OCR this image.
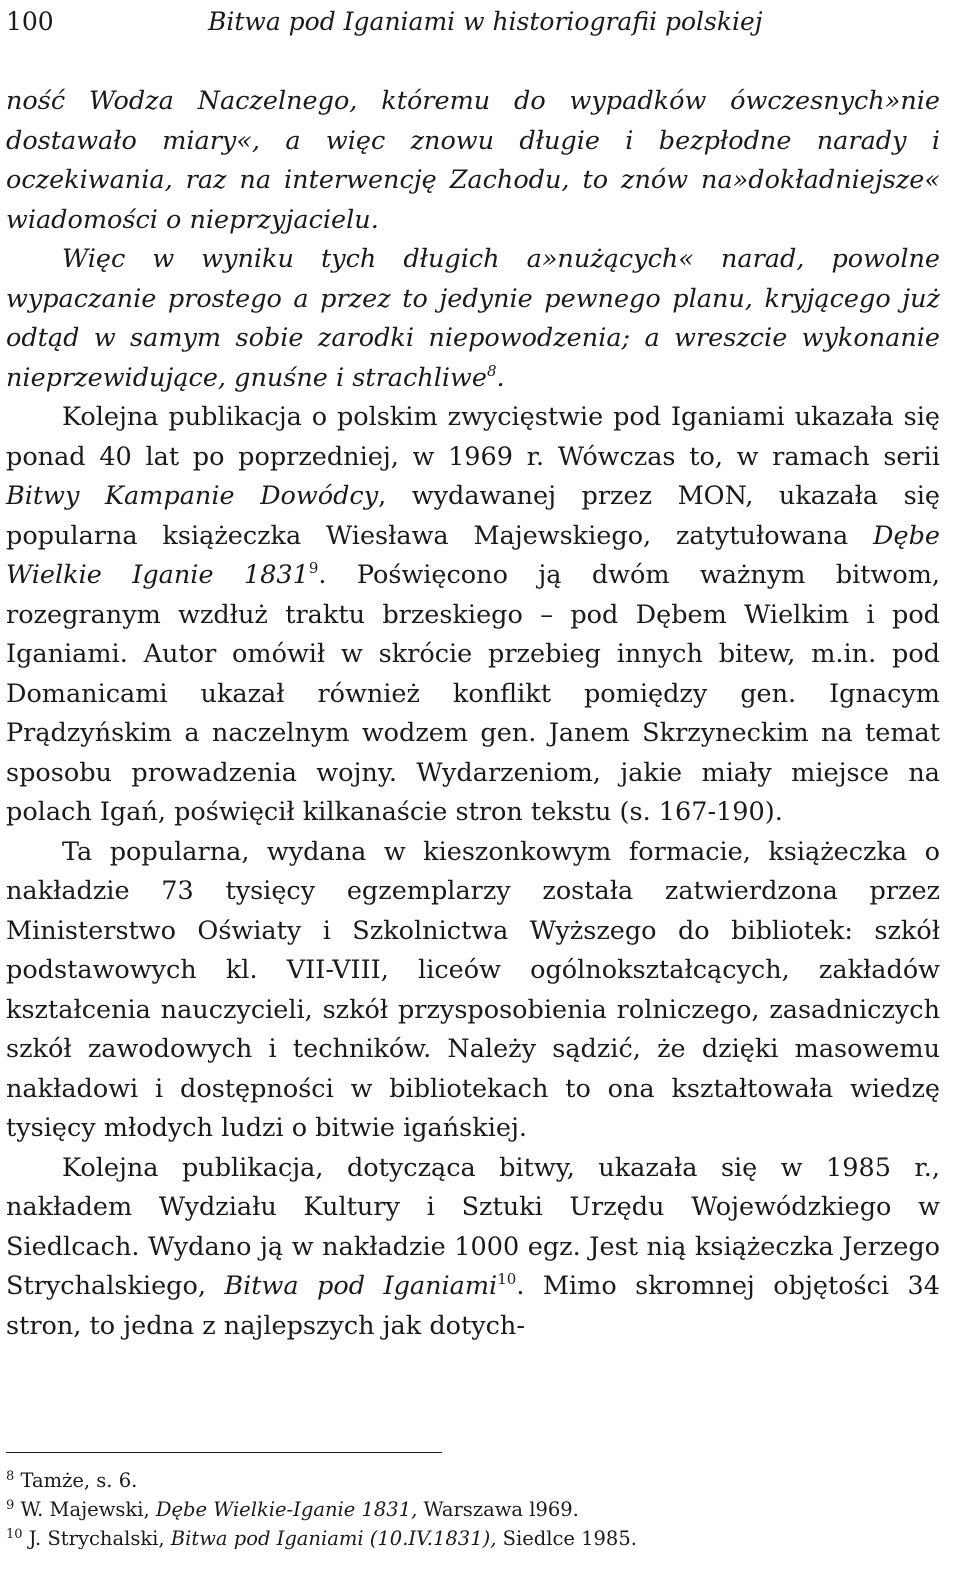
100	Bitwa pod Iganiami w historiografii polskiej

ność Wodza Naczelnego, któremu do wypadków ówczesnych»nie dostawało miary«, a więc znowu długie i bezpłodne narady i oczekiwania, raz na interwencję Zachodu, to znów na»dokładniejsze« wiadomości o nieprzyjacielu.

Więc w wyniku tych długich a»nużących« narad, powolne wypaczanie prostego a przez to jedynie pewnego planu, kryjącego już odtąd w samym sobie zarodki niepowodzenia; a wreszcie wykonanie nieprzewidujące, gnuśne i strachliwe$^8$.

Kolejna publikacja o polskim zwycięstwie pod Iganiami ukazała się ponad 40 lat po poprzedniej, w 1969 r. Wówczas to, w ramach serii Bitwy Kampanie Dowódcy, wydawanej przez MON, ukazała się popularna książeczka Wiesława Majewskiego, zatytułowana Dębe Wielkie Iganie 1831$^9$. Poświęcono ją dwóm ważnym bitwom, rozegranym wzdłuż traktu brzeskiego – pod Dębem Wielkim i pod Iganiami. Autor omówił w skrócie przebieg innych bitew, m.in. pod Domanicami ukazał również konflikt pomiędzy gen. Ignacym Prądzyńskim a naczelnym wodzem gen. Janem Skrzyneckim na temat sposobu prowadzenia wojny. Wydarzeniom, jakie miały miejsce na polach Igań, poświęcił kilkanaście stron tekstu (s. 167-190).

Ta popularna, wydana w kieszonkowym formacie, książeczka o nakładzie 73 tysięcy egzemplarzy została zatwierdzona przez Ministerstwo Oświaty i Szkolnictwa Wyższego do bibliotek: szkół podstawowych kl. VII-VIII, liceów ogólnokształcących, zakładów kształcenia nauczycieli, szkół przysposobienia rolniczego, zasadniczych szkół zawodowych i techników. Należy sądzić, że dzięki masowemu nakładowi i dostępności w bibliotekach to ona kształtowała wiedzę tysięcy młodych ludzi o bitwie igańskiej.

Kolejna publikacja, dotycząca bitwy, ukazała się w 1985 r., nakładem Wydziału Kultury i Sztuki Urzędu Wojewódzkiego w Siedlcach. Wydano ją w nakładzie 1000 egz. Jest nią książeczka Jerzego Strychalskiego, Bitwa pod Iganiami$^{10}$. Mimo skromnej objętości 34 stron, to jedna z najlepszych jak dotych-

$^8$ Tamże, s. 6.
$^9$ W. Majewski, Dębe Wielkie-Iganie 1831, Warszawa l969.
$^{10}$ J. Strychalski, Bitwa pod Iganiami (10.IV.1831), Siedlce 1985.
